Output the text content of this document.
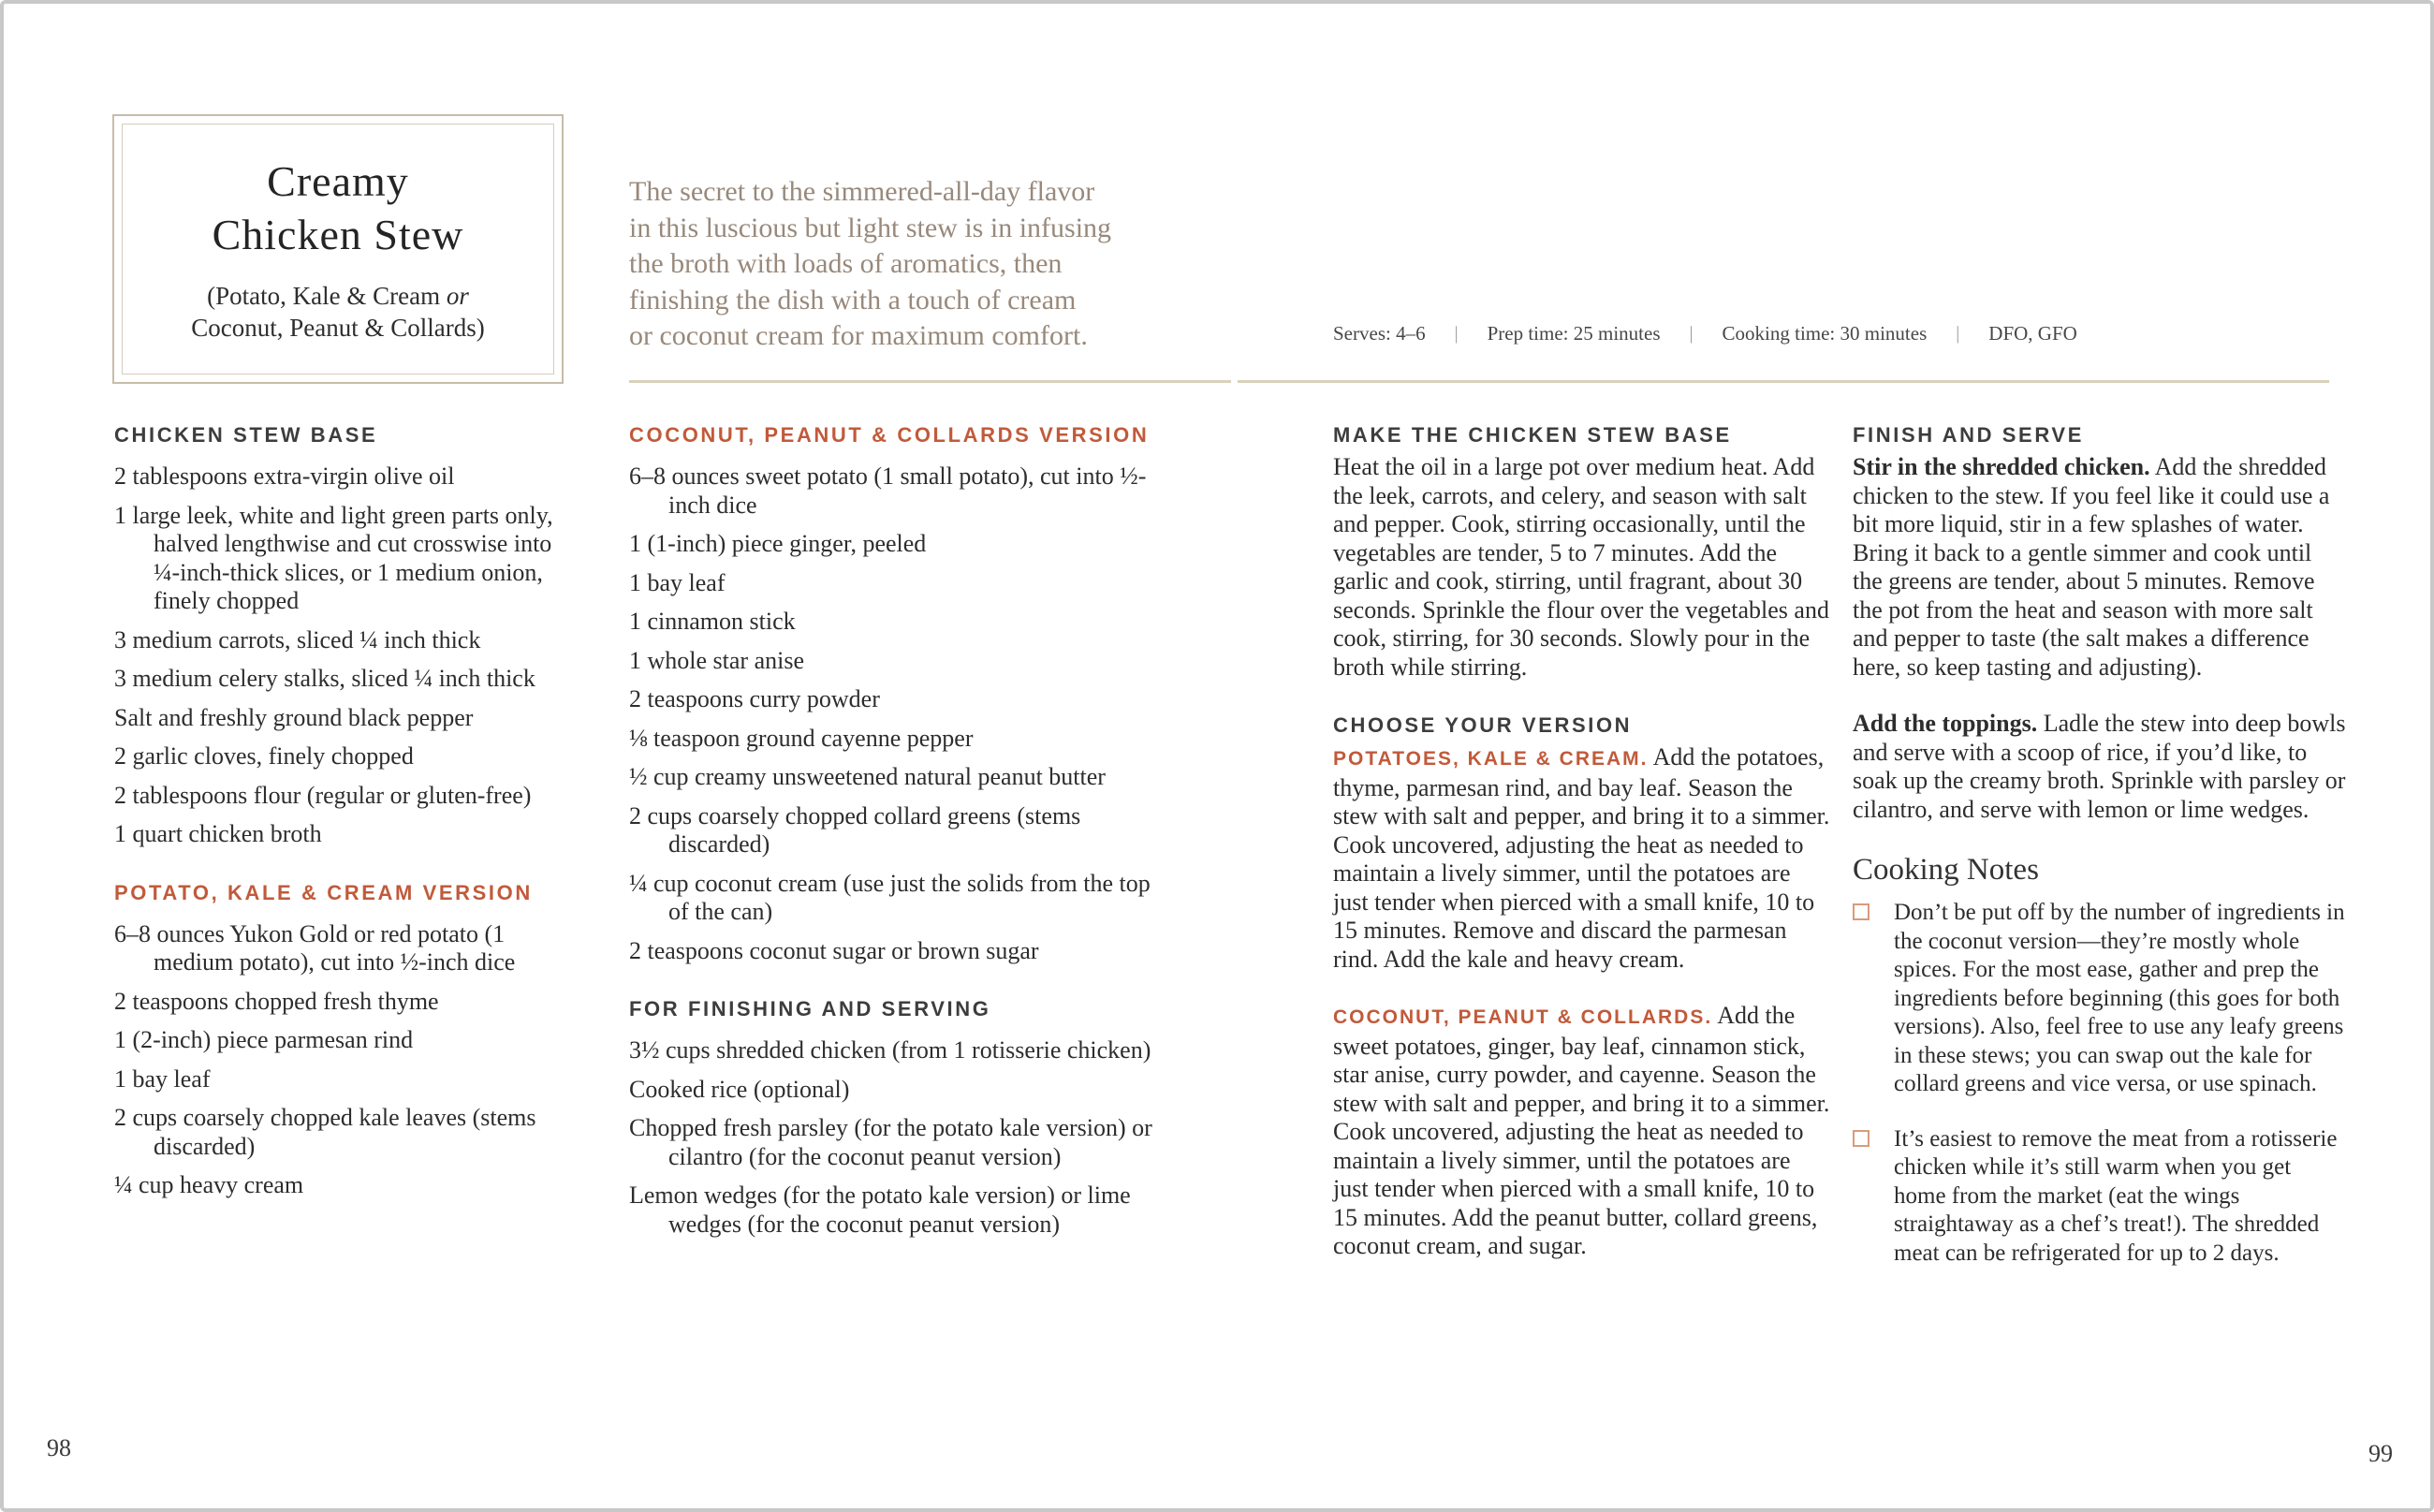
Creamy
Chicken Stew
(Potato, Kale & Cream or
Coconut, Peanut & Collards)
The secret to the simmered-all-day flavor
in this luscious but light stew is in infusing
the broth with loads of aromatics, then
finishing the dish with a touch of cream
or coconut cream for maximum comfort.	Serves: 4–6 | Prep time: 25 minutes | Cooking time: 30 minutes | DFO, GFO
CHICKEN STEW BASE
2 tablespoons extra-virgin olive oil
1 large leek, white and light green parts only, halved lengthwise and cut crosswise into ¼-inch-thick slices, or 1 medium onion, finely chopped
3 medium carrots, sliced ¼ inch thick
3 medium celery stalks, sliced ¼ inch thick
Salt and freshly ground black pepper
2 garlic cloves, finely chopped
2 tablespoons flour (regular or gluten-free)
1 quart chicken broth
POTATO, KALE & CREAM VERSION
6–8 ounces Yukon Gold or red potato (1 medium potato), cut into ½-inch dice
2 teaspoons chopped fresh thyme
1 (2-inch) piece parmesan rind
1 bay leaf
2 cups coarsely chopped kale leaves (stems discarded)
¼ cup heavy cream
COCONUT, PEANUT & COLLARDS VERSION
6–8 ounces sweet potato (1 small potato), cut into ½-inch dice
1 (1-inch) piece ginger, peeled
1 bay leaf
1 cinnamon stick
1 whole star anise
2 teaspoons curry powder
⅛ teaspoon ground cayenne pepper
½ cup creamy unsweetened natural peanut butter
2 cups coarsely chopped collard greens (stems discarded)
¼ cup coconut cream (use just the solids from the top of the can)
2 teaspoons coconut sugar or brown sugar
FOR FINISHING AND SERVING
3½ cups shredded chicken (from 1 rotisserie chicken)
Cooked rice (optional)
Chopped fresh parsley (for the potato kale version) or cilantro (for the coconut peanut version)
Lemon wedges (for the potato kale version) or lime wedges (for the coconut peanut version)
MAKE THE CHICKEN STEW BASE

Heat the oil in a large pot over medium heat. Add the leek, carrots, and celery, and season with salt and pepper. Cook, stirring occasionally, until the vegetables are tender, 5 to 7 minutes. Add the garlic and cook, stirring, until fragrant, about 30 seconds. Sprinkle the flour over the vegetables and cook, stirring, for 30 seconds. Slowly pour in the broth while stirring.

CHOOSE YOUR VERSION

POTATOES, KALE & CREAM. Add the potatoes, thyme, parmesan rind, and bay leaf. Season the stew with salt and pepper, and bring it to a simmer. Cook uncovered, adjusting the heat as needed to maintain a lively simmer, until the potatoes are just tender when pierced with a small knife, 10 to 15 minutes. Remove and discard the parmesan rind. Add the kale and heavy cream.

COCONUT, PEANUT & COLLARDS. Add the sweet potatoes, ginger, bay leaf, cinnamon stick, star anise, curry powder, and cayenne. Season the stew with salt and pepper, and bring it to a simmer. Cook uncovered, adjusting the heat as needed to maintain a lively simmer, until the potatoes are just tender when pierced with a small knife, 10 to 15 minutes. Add the peanut butter, collard greens, coconut cream, and sugar.

FINISH AND SERVE

Stir in the shredded chicken. Add the shredded chicken to the stew. If you feel like it could use a bit more liquid, stir in a few splashes of water. Bring it back to a gentle simmer and cook until the greens are tender, about 5 minutes. Remove the pot from the heat and season with more salt and pepper to taste (the salt makes a difference here, so keep tasting and adjusting).

Add the toppings. Ladle the stew into deep bowls and serve with a scoop of rice, if you’d like, to soak up the creamy broth. Sprinkle with parsley or cilantro, and serve with lemon or lime wedges.

Cooking Notes
Don’t be put off by the number of ingredients in the coconut version—they’re mostly whole spices. For the most ease, gather and prep the ingredients before beginning (this goes for both versions). Also, feel free to use any leafy greens in these stews; you can swap out the kale for collard greens and vice versa, or use spinach.
It’s easiest to remove the meat from a rotisserie chicken while it’s still warm when you get home from the market (eat the wings straightaway as a chef’s treat!). The shredded meat can be refrigerated for up to 2 days.
98	99
